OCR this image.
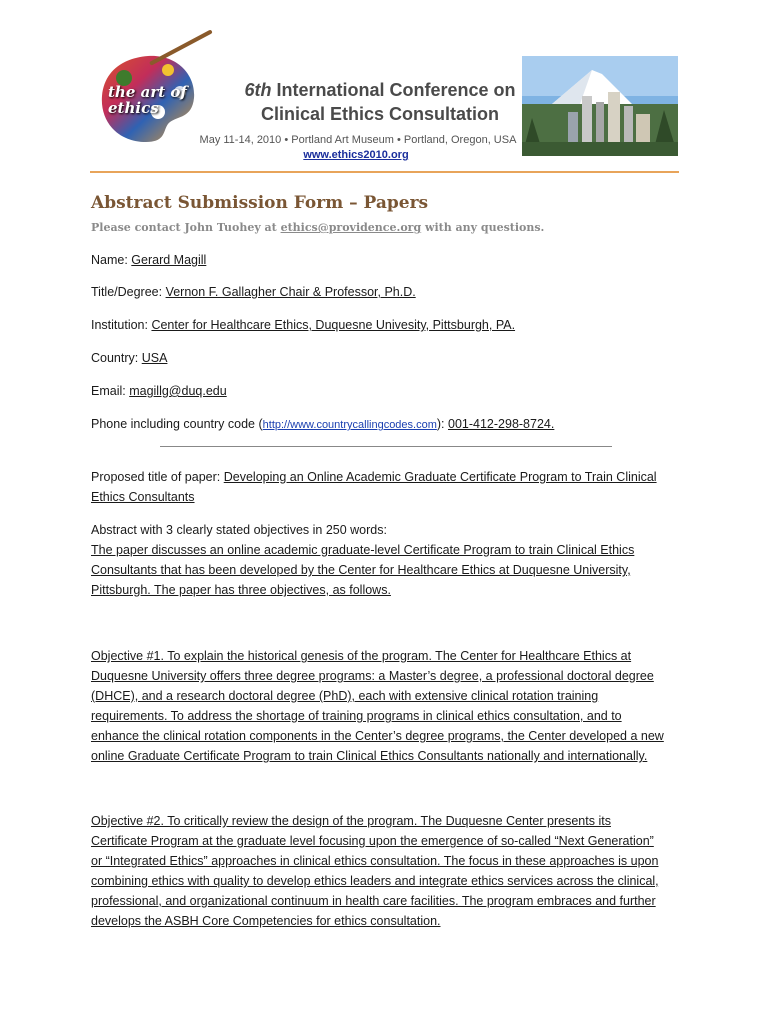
the art of ethics
6th International Conference on
Clinical Ethics Consultation
May 11-14, 2010 • Portland Art Museum • Portland, Oregon, USA
www.ethics2010.org
Abstract Submission Form – Papers
Please contact John Tuohey at ethics@providence.org with any questions.
Name: Gerard Magill
Title/Degree: Vernon F. Gallagher Chair & Professor, Ph.D.
Institution: Center for Healthcare Ethics, Duquesne Univesity, Pittsburgh, PA.
Country: USA
Email: magillg@duq.edu
Phone including country code (http://www.countrycallingcodes.com): 001-412-298-8724.
Proposed title of paper: Developing an Online Academic Graduate Certificate Program to Train Clinical
Ethics Consultants
Abstract with 3 clearly stated objectives in 250 words:
The paper discusses an online academic graduate-level Certificate Program to train Clinical Ethics
Consultants that has been developed by the Center for Healthcare Ethics at Duquesne University,
Pittsburgh. The paper has three objectives, as follows.
Objective #1. To explain the historical genesis of the program. The Center for Healthcare Ethics at
Duquesne University offers three degree programs: a Master’s degree, a professional doctoral degree
(DHCE), and a research doctoral degree (PhD), each with extensive clinical rotation training
requirements. To address the shortage of training programs in clinical ethics consultation, and to
enhance the clinical rotation components in the Center’s degree programs, the Center developed a new
online Graduate Certificate Program to train Clinical Ethics Consultants nationally and internationally.
Objective #2. To critically review the design of the program. The Duquesne Center presents its
Certificate Program at the graduate level focusing upon the emergence of so-called “Next Generation”
or “Integrated Ethics” approaches in clinical ethics consultation. The focus in these approaches is upon
combining ethics with quality to develop ethics leaders and integrate ethics services across the clinical,
professional, and organizational continuum in health care facilities. The program embraces and further
develops the ASBH Core Competencies for ethics consultation.
